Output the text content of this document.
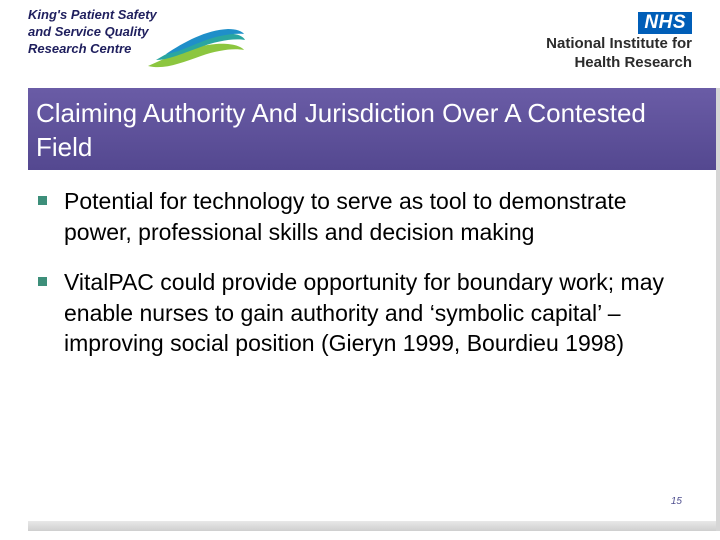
King's Patient Safety
and Service Quality
Research Centre
NHS
National Institute for
Health Research
Claiming Authority And Jurisdiction Over A Contested Field
Potential for technology to serve as tool to demonstrate power, professional skills and decision making
VitalPAC could provide opportunity for boundary work; may enable nurses to gain authority and ‘symbolic capital’ – improving social position (Gieryn 1999, Bourdieu 1998)
15
